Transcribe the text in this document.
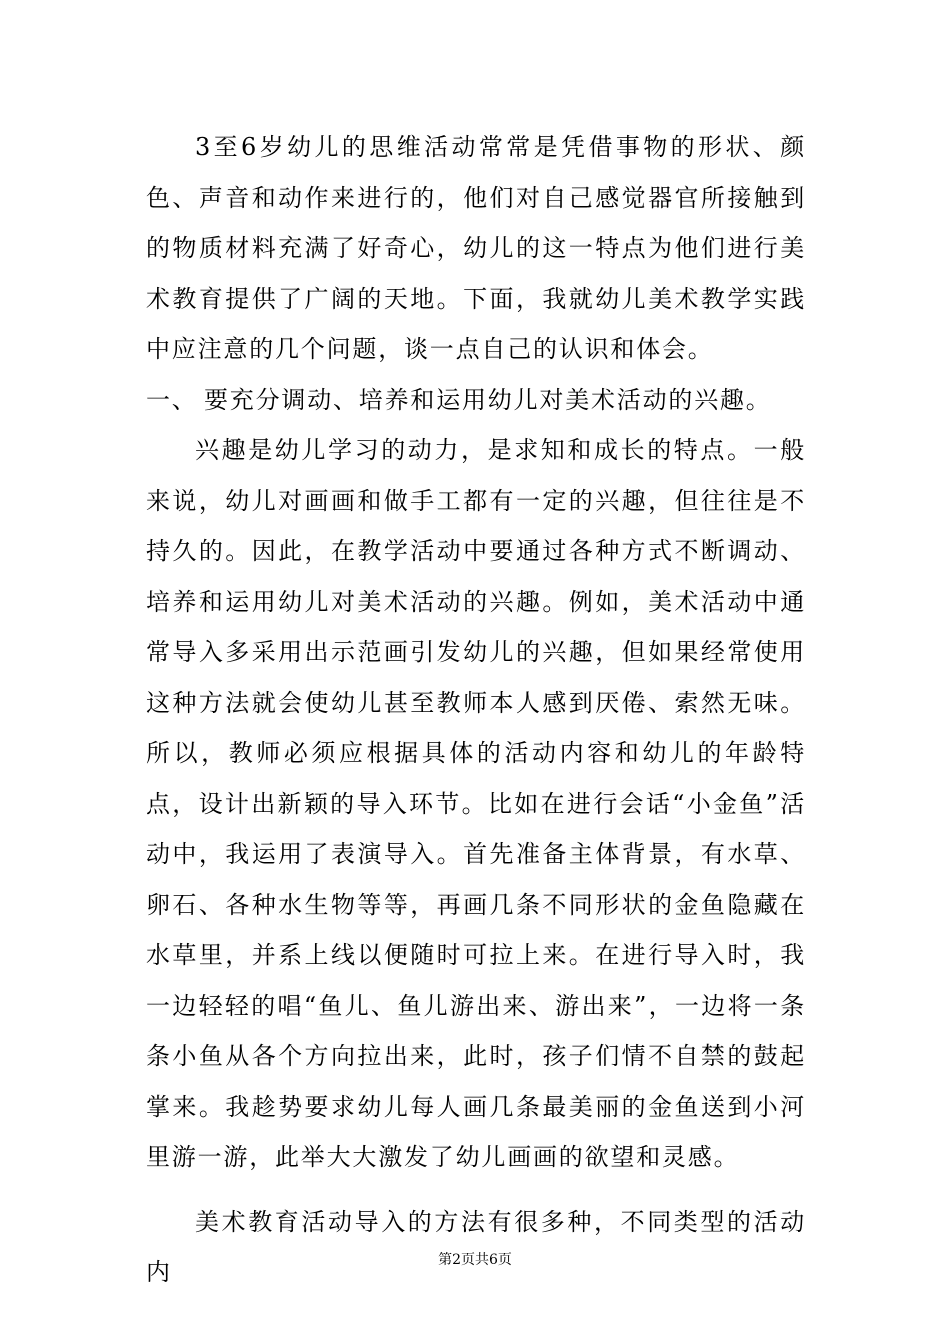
3至6岁幼儿的思维活动常常是凭借事物的形状、颜色、声音和动作来进行的，他们对自己感觉器官所接触到的物质材料充满了好奇心，幼儿的这一特点为他们进行美术教育提供了广阔的天地。下面，我就幼儿美术教学实践中应注意的几个问题，谈一点自己的认识和体会。

一、 要充分调动、培养和运用幼儿对美术活动的兴趣。

兴趣是幼儿学习的动力，是求知和成长的特点。一般来说，幼儿对画画和做手工都有一定的兴趣，但往往是不持久的。因此，在教学活动中要通过各种方式不断调动、培养和运用幼儿对美术活动的兴趣。例如，美术活动中通常导入多采用出示范画引发幼儿的兴趣，但如果经常使用这种方法就会使幼儿甚至教师本人感到厌倦、索然无味。所以，教师必须应根据具体的活动内容和幼儿的年龄特点，设计出新颖的导入环节。比如在进行会话“小金鱼”活动中，我运用了表演导入。首先准备主体背景，有水草、卵石、各种水生物等等，再画几条不同形状的金鱼隐藏在水草里，并系上线以便随时可拉上来。在进行导入时，我一边轻轻的唱“鱼儿、鱼儿游出来、游出来”，一边将一条条小鱼从各个方向拉出来，此时，孩子们情不自禁的鼓起掌来。我趁势要求幼儿每人画几条最美丽的金鱼送到小河里游一游，此举大大激发了幼儿画画的欲望和灵感。

美术教育活动导入的方法有很多种，不同类型的活动内	第2页共6页
